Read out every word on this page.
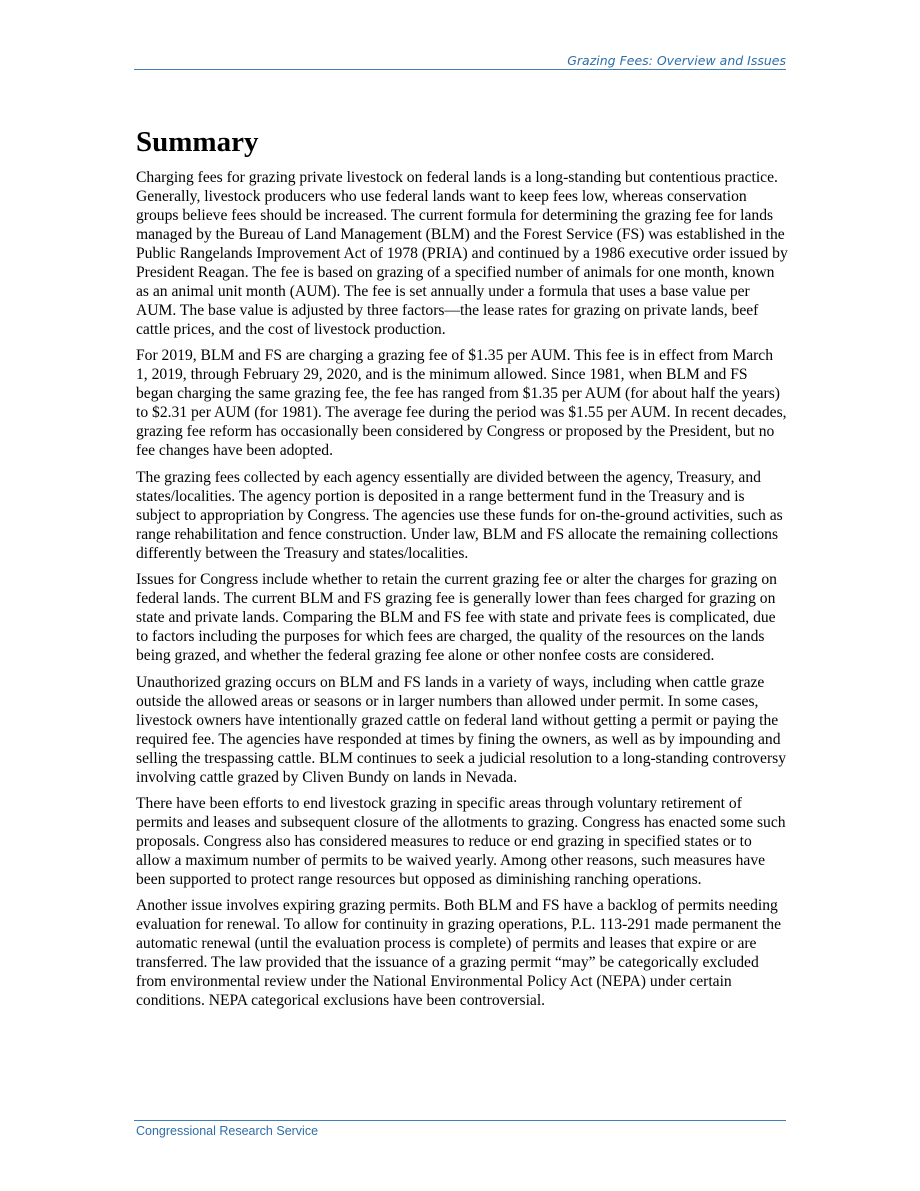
Grazing Fees: Overview and Issues
Summary

Charging fees for grazing private livestock on federal lands is a long-standing but contentious practice. Generally, livestock producers who use federal lands want to keep fees low, whereas conservation groups believe fees should be increased. The current formula for determining the grazing fee for lands managed by the Bureau of Land Management (BLM) and the Forest Service (FS) was established in the Public Rangelands Improvement Act of 1978 (PRIA) and continued by a 1986 executive order issued by President Reagan. The fee is based on grazing of a specified number of animals for one month, known as an animal unit month (AUM). The fee is set annually under a formula that uses a base value per AUM. The base value is adjusted by three factors—the lease rates for grazing on private lands, beef cattle prices, and the cost of livestock production.

For 2019, BLM and FS are charging a grazing fee of $1.35 per AUM. This fee is in effect from March 1, 2019, through February 29, 2020, and is the minimum allowed. Since 1981, when BLM and FS began charging the same grazing fee, the fee has ranged from $1.35 per AUM (for about half the years) to $2.31 per AUM (for 1981). The average fee during the period was $1.55 per AUM. In recent decades, grazing fee reform has occasionally been considered by Congress or proposed by the President, but no fee changes have been adopted.

The grazing fees collected by each agency essentially are divided between the agency, Treasury, and states/localities. The agency portion is deposited in a range betterment fund in the Treasury and is subject to appropriation by Congress. The agencies use these funds for on-the-ground activities, such as range rehabilitation and fence construction. Under law, BLM and FS allocate the remaining collections differently between the Treasury and states/localities.

Issues for Congress include whether to retain the current grazing fee or alter the charges for grazing on federal lands. The current BLM and FS grazing fee is generally lower than fees charged for grazing on state and private lands. Comparing the BLM and FS fee with state and private fees is complicated, due to factors including the purposes for which fees are charged, the quality of the resources on the lands being grazed, and whether the federal grazing fee alone or other nonfee costs are considered.

Unauthorized grazing occurs on BLM and FS lands in a variety of ways, including when cattle graze outside the allowed areas or seasons or in larger numbers than allowed under permit. In some cases, livestock owners have intentionally grazed cattle on federal land without getting a permit or paying the required fee. The agencies have responded at times by fining the owners, as well as by impounding and selling the trespassing cattle. BLM continues to seek a judicial resolution to a long-standing controversy involving cattle grazed by Cliven Bundy on lands in Nevada.

There have been efforts to end livestock grazing in specific areas through voluntary retirement of permits and leases and subsequent closure of the allotments to grazing. Congress has enacted some such proposals. Congress also has considered measures to reduce or end grazing in specified states or to allow a maximum number of permits to be waived yearly. Among other reasons, such measures have been supported to protect range resources but opposed as diminishing ranching operations.

Another issue involves expiring grazing permits. Both BLM and FS have a backlog of permits needing evaluation for renewal. To allow for continuity in grazing operations, P.L. 113-291 made permanent the automatic renewal (until the evaluation process is complete) of permits and leases that expire or are transferred. The law provided that the issuance of a grazing permit “may” be categorically excluded from environmental review under the National Environmental Policy Act (NEPA) under certain conditions. NEPA categorical exclusions have been controversial.

Congressional Research Service
